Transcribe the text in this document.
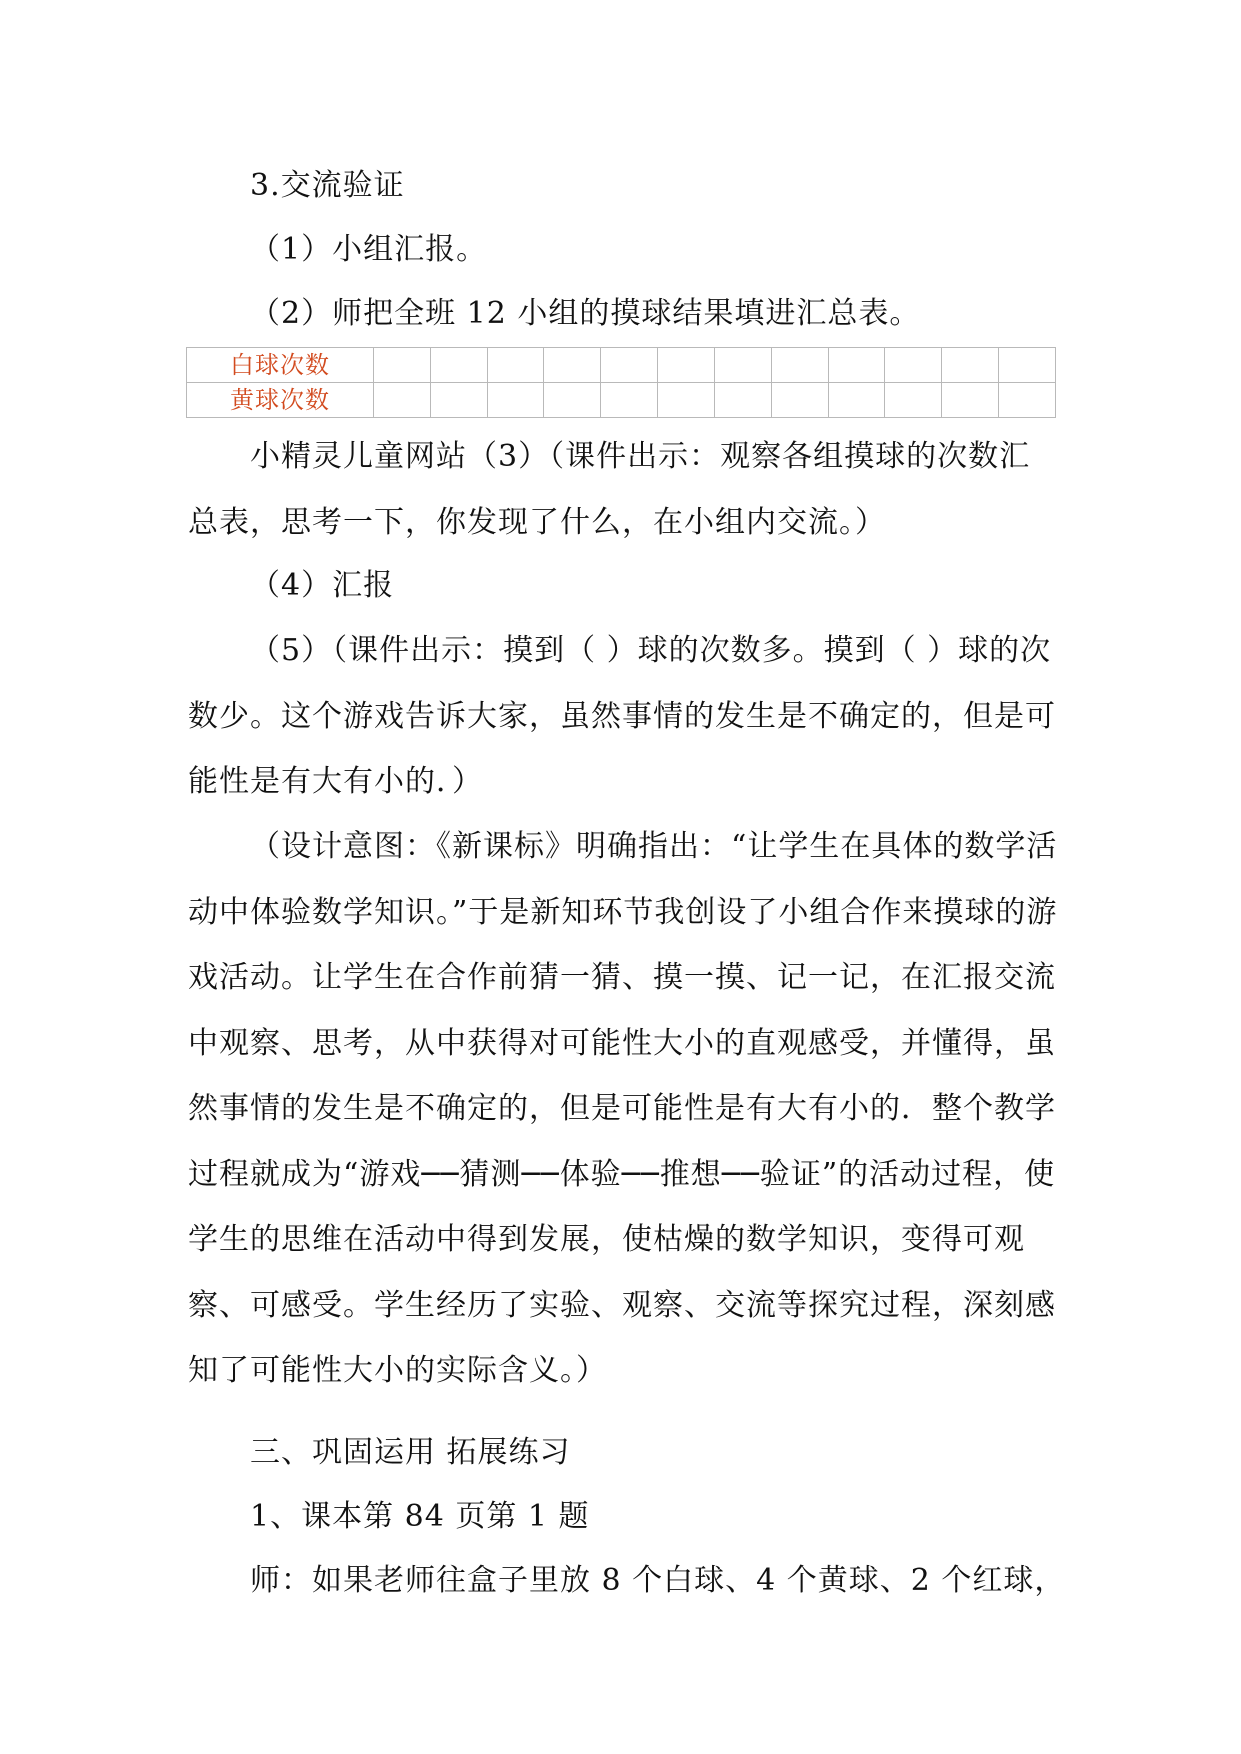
3.交流验证
（1）小组汇报。
（2）师把全班 12 小组的摸球结果填进汇总表。
白球次数												
黄球次数												
小精灵儿童网站（3）（课件出示：观察各组摸球的次数汇总表，思考一下，你发现了什么，在小组内交流。）
（4）汇报
（5）（课件出示：摸到（ ）球的次数多。摸到（ ）球的次数少。这个游戏告诉大家，虽然事情的发生是不确定的，但是可能性是有大有小的．）
（设计意图：《新课标》明确指出：“让学生在具体的数学活动中体验数学知识。”于是新知环节我创设了小组合作来摸球的游戏活动。让学生在合作前猜一猜、摸一摸、记一记，在汇报交流中观察、思考，从中获得对可能性大小的直观感受，并懂得，虽然事情的发生是不确定的，但是可能性是有大有小的．整个教学过程就成为“游戏──猜测──体验──推想──验证”的活动过程，使学生的思维在活动中得到发展，使枯燥的数学知识，变得可观察、可感受。学生经历了实验、观察、交流等探究过程，深刻感知了可能性大小的实际含义。）
三、巩固运用 拓展练习
1、课本第 84 页第 1 题
师：如果老师往盒子里放 8 个白球、4 个黄球、2 个红球，
